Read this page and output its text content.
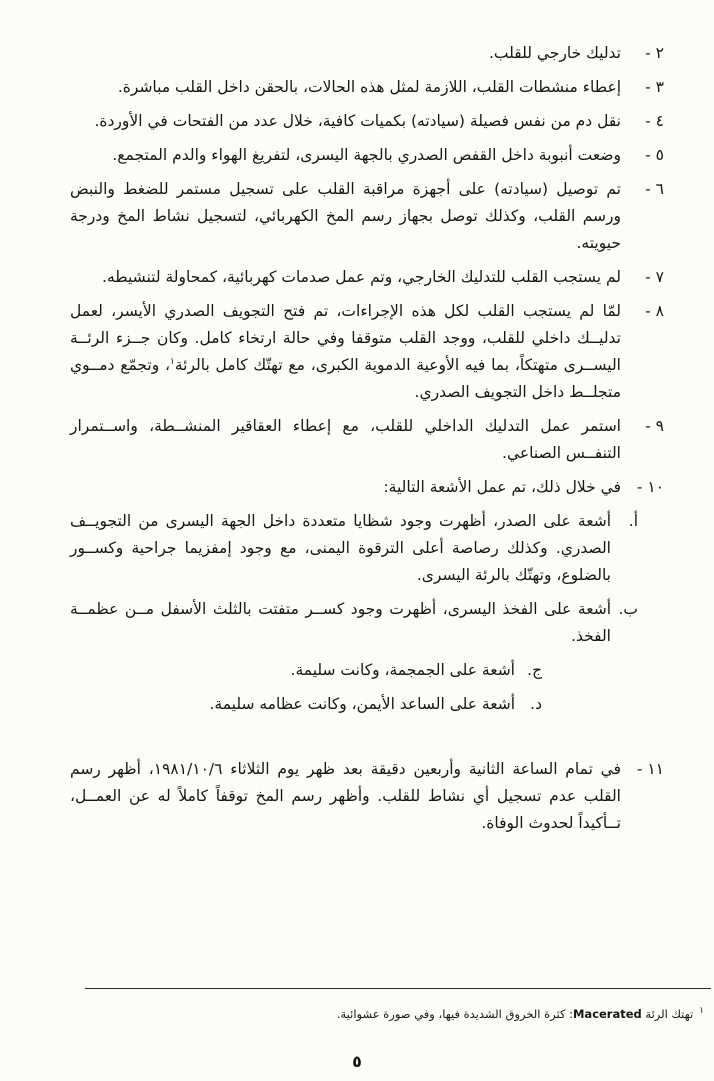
٢ -
تدليك خارجي للقلب.
٣ -
إعطاء منشطات القلب، اللازمة لمثل هذه الحالات، بالحقن داخل القلب مباشرة.
٤ -
نقل دم من نفس فصيلة (سيادته) بكميات كافية، خلال عدد من الفتحات في الأوردة.
٥ -
وضعت أنبوبة داخل القفص الصدري بالجهة اليسرى، لتفريغ الهواء والدم المتجمع.
٦ -
تم توصيل (سيادته) على أجهزة مراقبة القلب على تسجيل مستمر للضغط والنبض ورسم القلب، وكذلك توصل بجهاز رسم المخ الكهربائي، لتسجيل نشاط المخ ودرجة حيويته.
٧ -
لم يستجب القلب للتدليك الخارجي، وتم عمل صدمات كهربائية، كمحاولة لتنشيطه.
٨ -
لمّا لم يستجب القلب لكل هذه الإجراءات، تم فتح التجويف الصدري الأيسر، لعمل تدليــك داخلي للقلب، ووجد القلب متوقفا وفي حالة ارتخاء كامل. وكان جــزء الرئــة اليســرى متهتكاً، بما فيه الأوعية الدموية الكبرى، مع تهتّك كامل بالرئة$^١$، وتجمّع دمــوي متجلــط داخل التجويف الصدري.
٩ -
استمر عمل التدليك الداخلي للقلب، مع إعطاء العقاقير المنشــطة، واســتمرار التنفــس الصناعي.
١٠ -
في خلال ذلك، تم عمل الأشعة التالية:
أ.
أشعة على الصدر، أظهرت وجود شظايا متعددة داخل الجهة اليسرى من التجويــف الصدري. وكذلك رصاصة أعلى الترقوة اليمنى، مع وجود إمفزيما جراحية وكســور بالضلوع، وتهتّك بالرئة اليسرى.
ب.
أشعة على الفخذ اليسرى، أظهرت وجود كســر متفتت بالثلث الأسفل مــن عظمــة الفخذ.
ج.
أشعة على الجمجمة، وكانت سليمة.
د.
أشعة على الساعد الأيمن، وكانت عظامه سليمة.
١١ -
في تمام الساعة الثانية وأربعين دقيقة بعد ظهر يوم الثلاثاء ١٩٨١/١٠/٦، أظهر رسم القلب عدم تسجيل أي نشاط للقلب. وأظهر رسم المخ توقفاً كاملاً له عن العمــل، تــأكيداً لحدوث الوفاة.
$^١$تهتك الرئة Macerated: كثرة الخروق الشديدة فيها، وفي صورة عشوائية.
٥
